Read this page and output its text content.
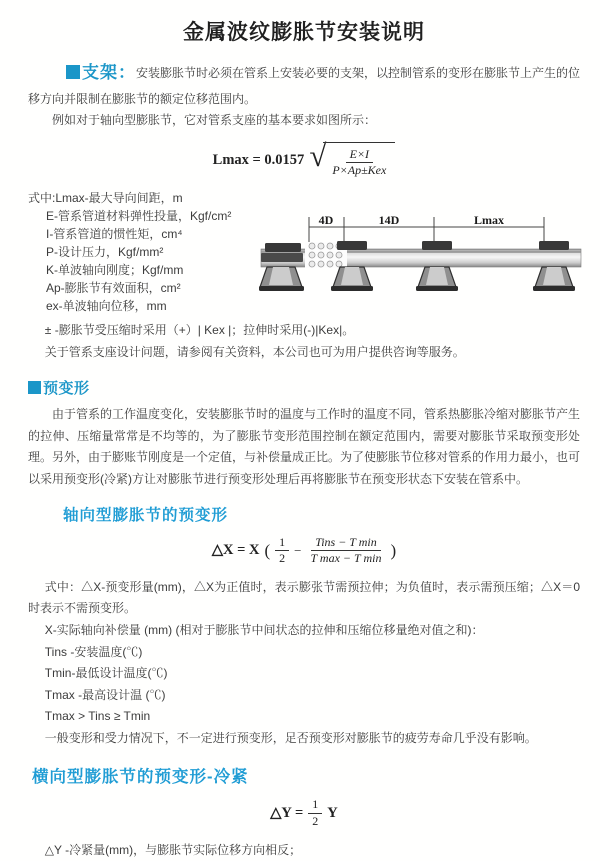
金属波纹膨胀节安装说明

支架：安装膨胀节时必须在管系上安装必要的支架，以控制管系的变形在膨胀节上产生的位移方向并限制在膨胀节的额定位移范围内。

例如对于轴向型膨胀节，它对管系支座的基本要求如图所示：

Lmax = 0.0157 √ $\frac{E\times I}{\text{P×Ap±Kex}}$

式中:Lmax-最大导向间距，m

E-管系管道材料弹性投量，Kgf/cm²

I-管系管道的惯性矩，cm⁴

P-设计压力，Kgf/mm²

K-单波轴向刚度；Kgf/mm

Ap-膨胀节有效面积，cm²

ex-单波轴向位移，mm

4D	14D	Lmax

± -膨胀节受压缩时采用（+）| Kex |；拉伸时采用(-)|Kex|。

关于管系支座设计问题，请参阅有关资料，本公司也可为用户提供咨询等服务。

预变形

由于管系的工作温度变化，安装膨胀节时的温度与工作时的温度不同，管系热膨胀冷缩对膨胀节产生的拉伸、压缩量常常是不均等的，为了膨胀节变形范围控制在额定范围内，需要对膨胀节采取预变形处理。另外，由于膨账节刚度是一个定值，与补偿量成正比。为了使膨胀节位移对管系的作用力最小，也可以采用预变形(冷紧)方让对膨胀节进行预变形处理后再将膨胀节在预变形状态下安装在管系中。

轴向型膨胀节的预变形
△X = X ( $\frac{1}{2} - \frac{\text{Tins − T min}}{\text{T max − T min}}$ )

式中：△X-预变形量(mm)，△X为正值时，表示膨张节需预拉伸；为负值时，表示需预压缩；△X＝0时表示不需预变形。

X-实际轴向补偿量 (mm) (相对于膨胀节中间状态的拉伸和压缩位移量绝对值之和)：

Tins -安装温度(℃)

Tmin-最低设计温度(℃)

Tmax -最高设计温 (℃)

Tmax > Tins ≥ Tmin

一般变形和受力情况下，不一定进行预变形，足否预变形对膨胀节的疲劳寿命几乎没有影响。

横向型膨胀节的预变形-冷紧
△Y = $\frac{1}{2}$ Y

△Y -冷紧量(mm)，与膨胀节实际位移方向相反；
